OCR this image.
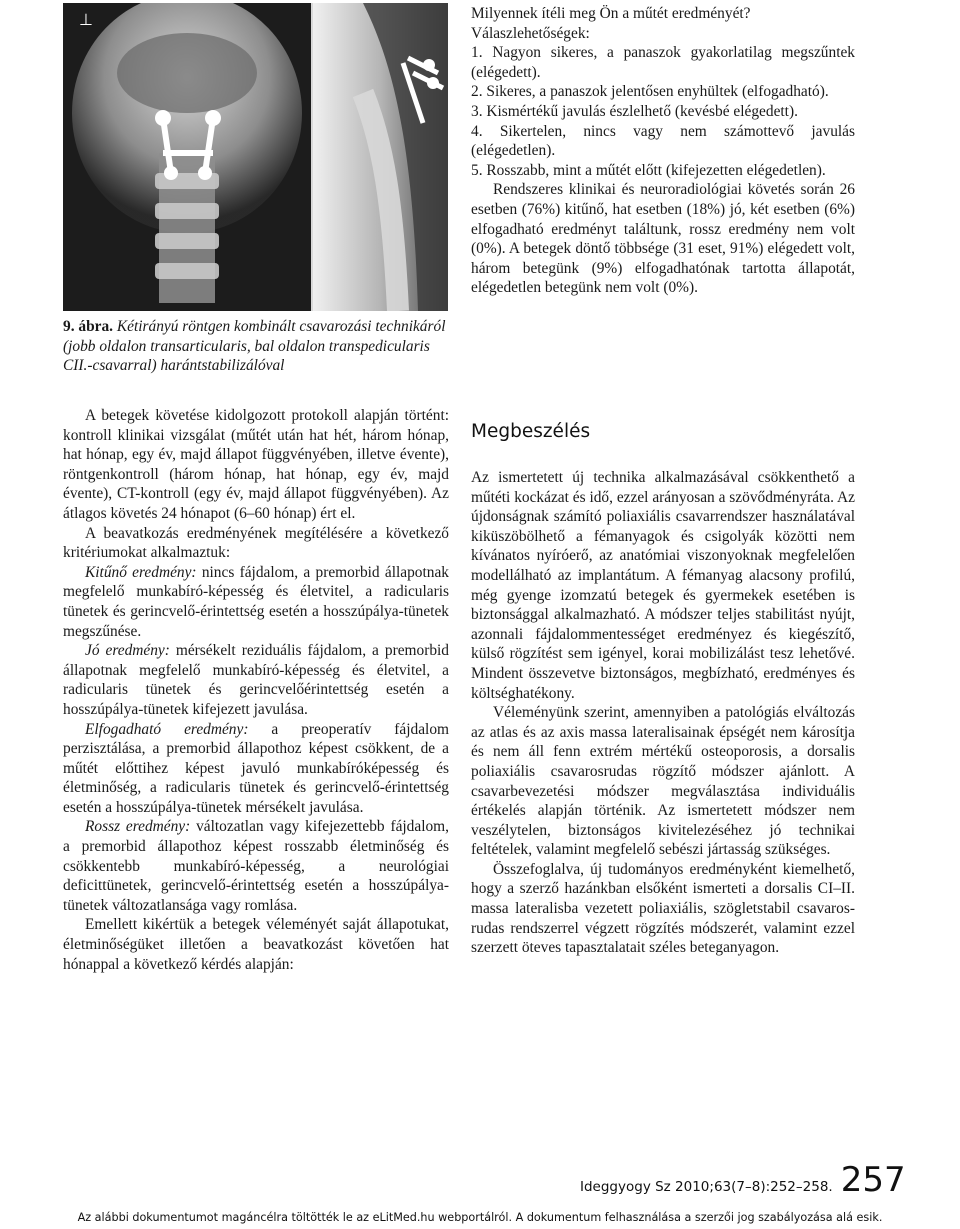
⊥
9. ábra. Kétirányú röntgen kombinált csavarozási technikáról (jobb oldalon transarticularis, bal oldalon transpedicularis CII.-csavarral) harántstabilizálóval

A betegek követése kidolgozott protokoll alapján történt: kontroll klinikai vizsgálat (műtét után hat hét, három hónap, hat hónap, egy év, majd állapot függvényében, illetve évente), röntgenkontroll (három hónap, hat hónap, egy év, majd évente), CT-kontroll (egy év, majd állapot függvényében). Az átlagos követés 24 hónapot (6–60 hónap) ért el.

A beavatkozás eredményének megítélésére a következő kritériumokat alkalmaztuk:

Kitűnő eredmény: nincs fájdalom, a premorbid állapotnak megfelelő munkabíró-képesség és életvitel, a radicularis tünetek és gerincvelő-érintettség esetén a hosszúpálya-tünetek megszűnése.

Jó eredmény: mérsékelt reziduális fájdalom, a premorbid állapotnak megfelelő munkabíró-képesség és életvitel, a radicularis tünetek és gerincvelőérintettség esetén a hosszúpálya-tünetek kifejezett javulása.

Elfogadható eredmény: a preoperatív fájdalom perzisztálása, a premorbid állapothoz képest csökkent, de a műtét előttihez képest javuló munkabíróképesség és életminőség, a radicularis tünetek és gerincvelő-érintettség esetén a hosszúpálya-tünetek mérsékelt javulása.

Rossz eredmény: változatlan vagy kifejezettebb fájdalom, a premorbid állapothoz képest rosszabb életminőség és csökkentebb munkabíró-képesség, a neurológiai deficittünetek, gerincvelő-érintettség esetén a hosszúpálya-tünetek változatlansága vagy romlása.

Emellett kikértük a betegek véleményét saját állapotukat, életminőségüket illetően a beavatkozást követően hat hónappal a következő kérdés alapján:

Milyennek ítéli meg Ön a műtét eredményét?

Válaszlehetőségek:

1. Nagyon sikeres, a panaszok gyakorlatilag megszűntek (elégedett).

2. Sikeres, a panaszok jelentősen enyhültek (elfogadható).

3. Kismértékű javulás észlelhető (kevésbé elégedett).

4. Sikertelen, nincs vagy nem számottevő javulás (elégedetlen).

5. Rosszabb, mint a műtét előtt (kifejezetten elégedetlen).

Rendszeres klinikai és neuroradiológiai követés során 26 esetben (76%) kitűnő, hat esetben (18%) jó, két esetben (6%) elfogadható eredményt találtunk, rossz eredmény nem volt (0%). A betegek döntő többsége (31 eset, 91%) elégedett volt, három betegünk (9%) elfogadhatónak tartotta állapotát, elégedetlen betegünk nem volt (0%).

Megbeszélés

Az ismertetett új technika alkalmazásával csökkenthető a műtéti kockázat és idő, ezzel arányosan a szövődményráta. Az újdonságnak számító poliaxiális csavarrendszer használatával kiküszöbölhető a fémanyagok és csigolyák közötti nem kívánatos nyíróerő, az anatómiai viszonyoknak megfelelően modellálható az implantátum. A fémanyag alacsony profilú, még gyenge izomzatú betegek és gyermekek esetében is biztonsággal alkalmazható. A módszer teljes stabilitást nyújt, azonnali fájdalommentességet eredményez és kiegészítő, külső rögzítést sem igényel, korai mobilizálást tesz lehetővé. Mindent összevetve biztonságos, megbízható, eredményes és költséghatékony.

Véleményünk szerint, amennyiben a patológiás elváltozás az atlas és az axis massa lateralisainak épségét nem károsítja és nem áll fenn extrém mértékű osteoporosis, a dorsalis poliaxiális csavarosrudas rögzítő módszer ajánlott. A csavarbevezetési módszer megválasztása individuális értékelés alapján történik. Az ismertetett módszer nem veszélytelen, biztonságos kivitelezéséhez jó technikai feltételek, valamint megfelelő sebészi jártasság szükséges.

Összefoglalva, új tudományos eredményként kiemelhető, hogy a szerző hazánkban elsőként ismerteti a dorsalis CI–II. massa lateralisba vezetett poliaxiális, szögletstabil csavaros-rudas rendszerrel végzett rögzítés módszerét, valamint ezzel szerzett öteves tapasztalatait széles beteganyagon.

Ideggyogy Sz 2010;63(7–8):252–258. 257
Az alábbi dokumentumot magáncélra töltötték le az eLitMed.hu webportálról. A dokumentum felhasználása a szerzői jog szabályozása alá esik.
